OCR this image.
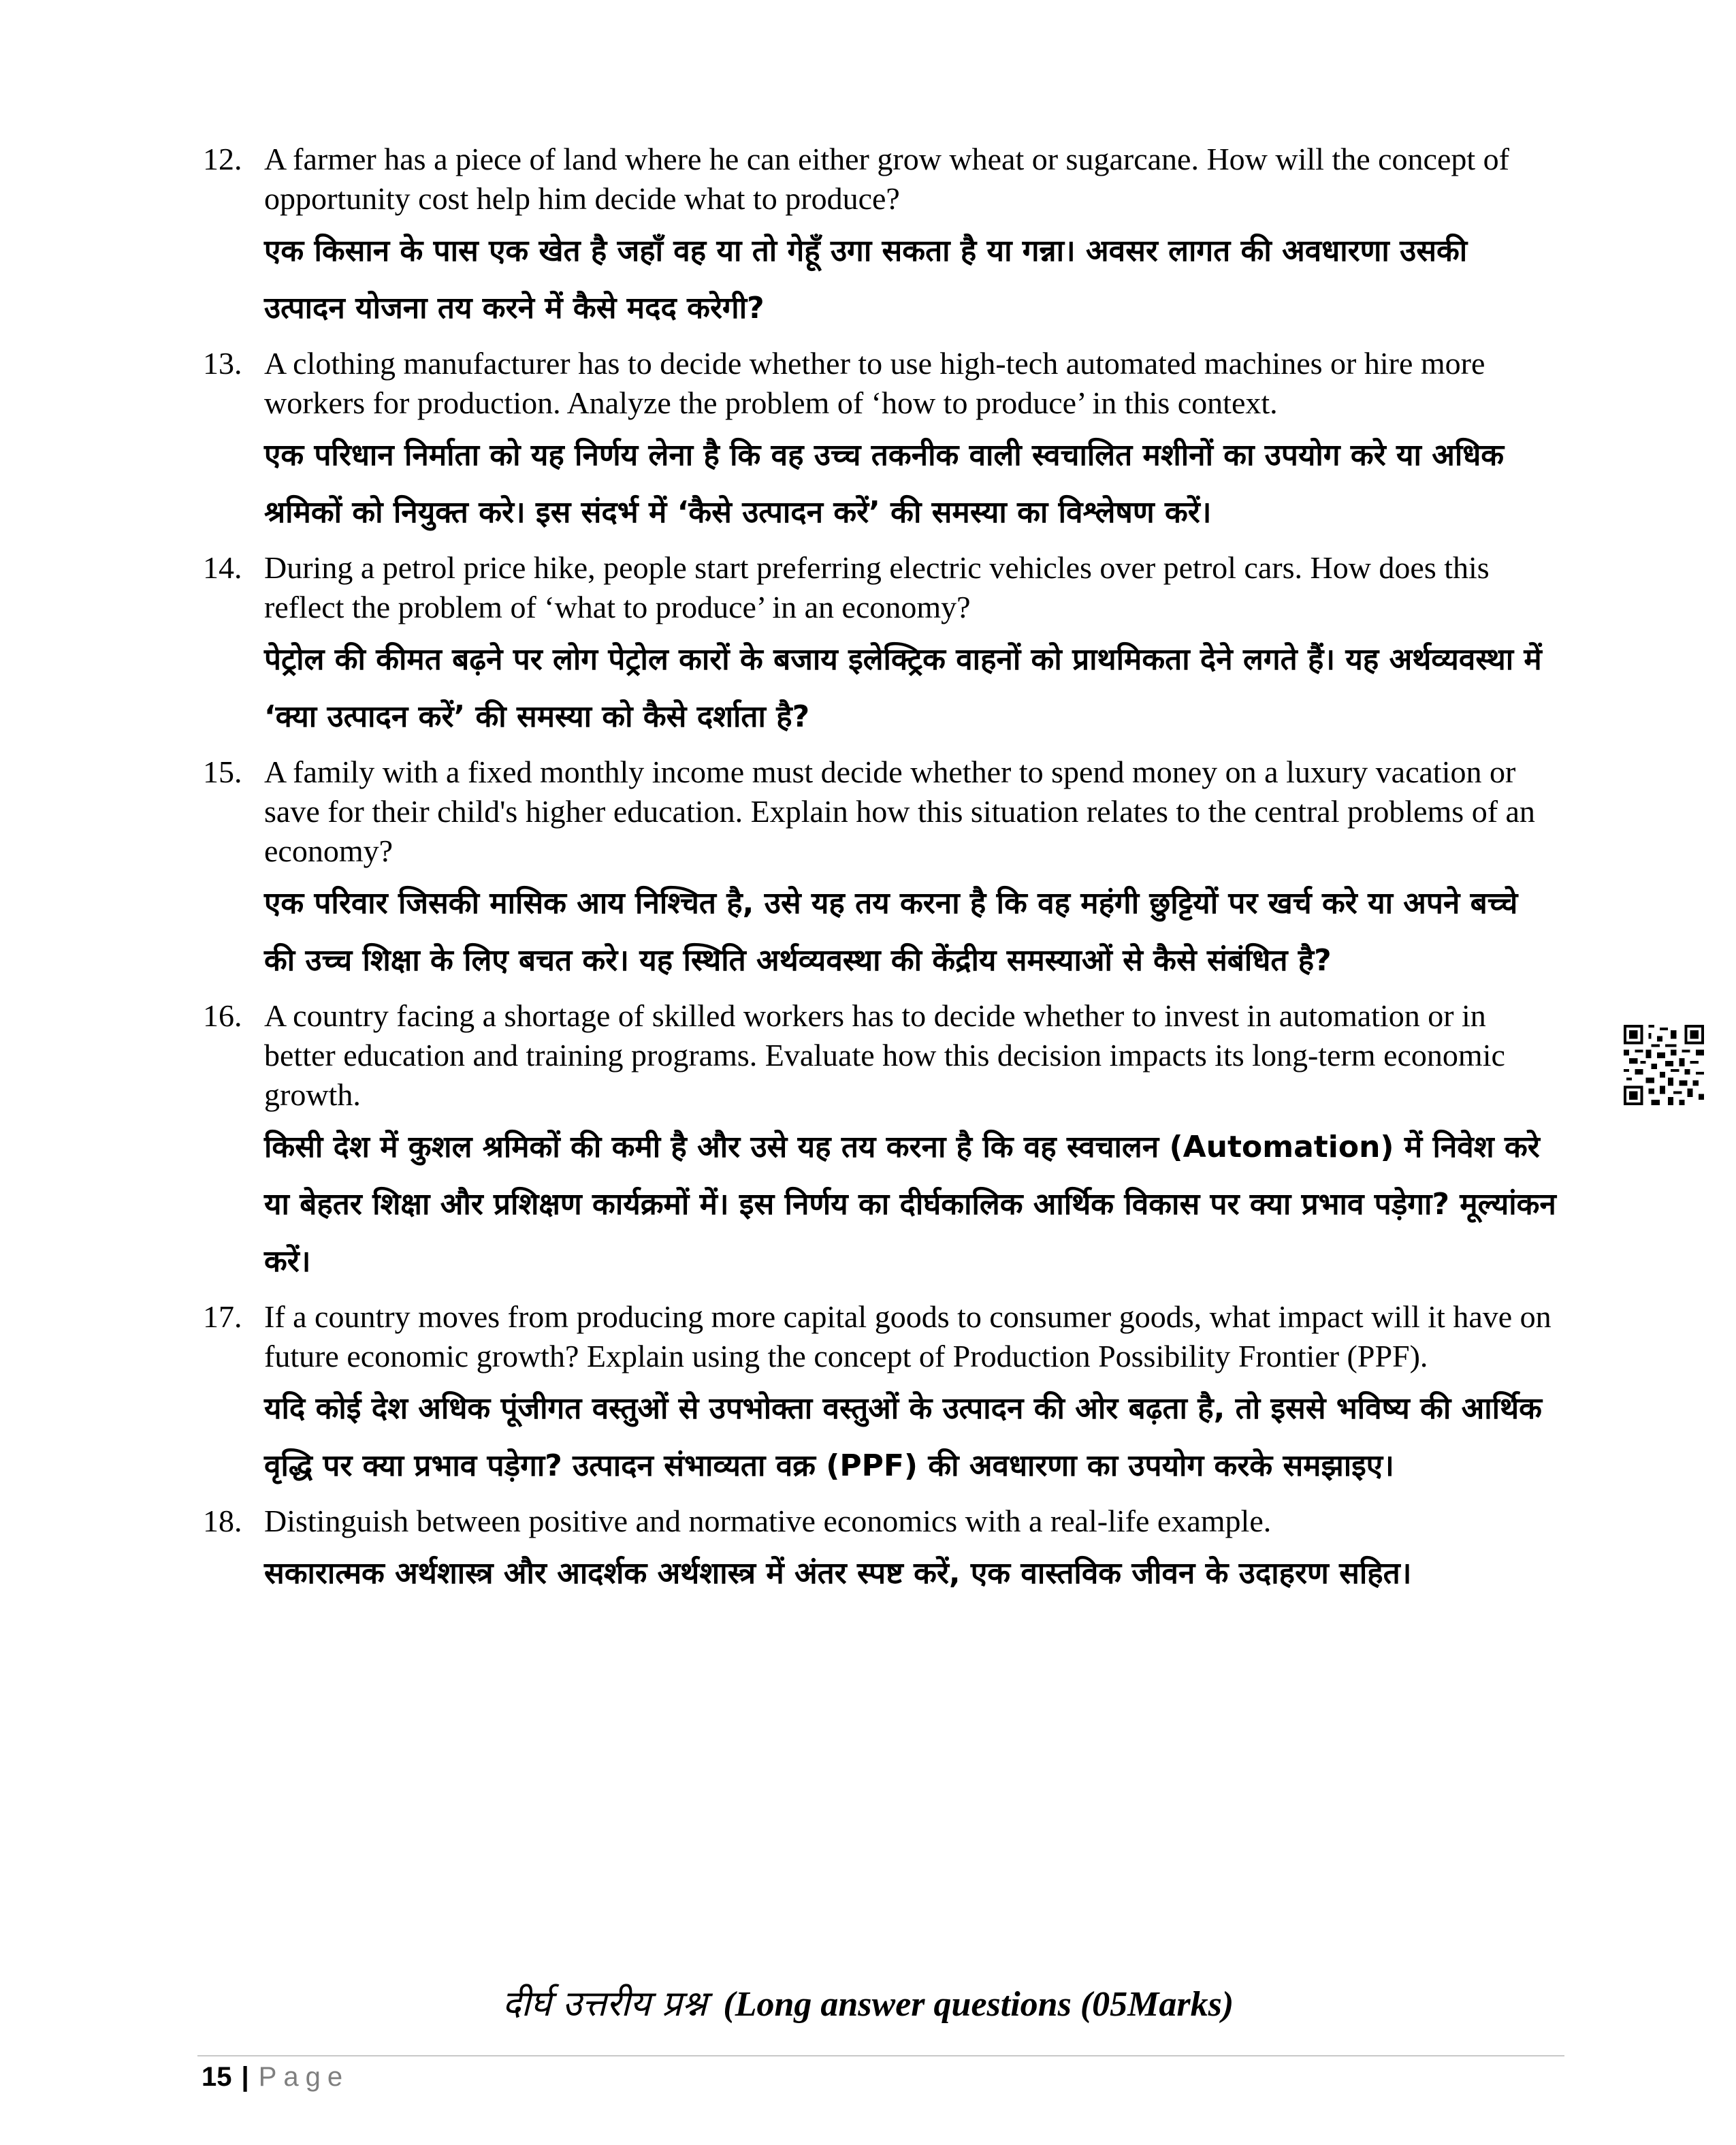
12. A farmer has a piece of land where he can either grow wheat or sugarcane. How will the concept of opportunity cost help him decide what to produce?
एक किसान के पास एक खेत है जहाँ वह या तो गेहूँ उगा सकता है या गन्ना। अवसर लागत की अवधारणा उसकी उत्पादन योजना तय करने में कैसे मदद करेगी?
13. A clothing manufacturer has to decide whether to use high-tech automated machines or hire more workers for production. Analyze the problem of ‘how to produce’ in this context.
एक परिधान निर्माता को यह निर्णय लेना है कि वह उच्च तकनीक वाली स्वचालित मशीनों का उपयोग करे या अधिक श्रमिकों को नियुक्त करे। इस संदर्भ में ‘कैसे उत्पादन करें’ की समस्या का विश्लेषण करें।
14. During a petrol price hike, people start preferring electric vehicles over petrol cars. How does this reflect the problem of ‘what to produce’ in an economy?
पेट्रोल की कीमत बढ़ने पर लोग पेट्रोल कारों के बजाय इलेक्ट्रिक वाहनों को प्राथमिकता देने लगते हैं। यह अर्थव्यवस्था में ‘क्या उत्पादन करें’ की समस्या को कैसे दर्शाता है?
15. A family with a fixed monthly income must decide whether to spend money on a luxury vacation or save for their child's higher education. Explain how this situation relates to the central problems of an economy?
एक परिवार जिसकी मासिक आय निश्चित है, उसे यह तय करना है कि वह महंगी छुट्टियों पर खर्च करे या अपने बच्चे की उच्च शिक्षा के लिए बचत करे। यह स्थिति अर्थव्यवस्था की केंद्रीय समस्याओं से कैसे संबंधित है?
16. A country facing a shortage of skilled workers has to decide whether to invest in automation or in better education and training programs. Evaluate how this decision impacts its long-term economic growth.
किसी देश में कुशल श्रमिकों की कमी है और उसे यह तय करना है कि वह स्वचालन (Automation) में निवेश करे या बेहतर शिक्षा और प्रशिक्षण कार्यक्रमों में। इस निर्णय का दीर्घकालिक आर्थिक विकास पर क्या प्रभाव पड़ेगा? मूल्यांकन करें।
17. If a country moves from producing more capital goods to consumer goods, what impact will it have on future economic growth? Explain using the concept of Production Possibility Frontier (PPF).
यदि कोई देश अधिक पूंजीगत वस्तुओं से उपभोक्ता वस्तुओं के उत्पादन की ओर बढ़ता है, तो इससे भविष्य की आर्थिक वृद्धि पर क्या प्रभाव पड़ेगा? उत्पादन संभाव्यता वक्र (PPF) की अवधारणा का उपयोग करके समझाइए।
18. Distinguish between positive and normative economics with a real-life example.
सकारात्मक अर्थशास्त्र और आदर्शक अर्थशास्त्र में अंतर स्पष्ट करें, एक वास्तविक जीवन के उदाहरण सहित।
दीर्घ उत्तरीय प्रश्न (Long answer questions (05Marks)
15 | Page
